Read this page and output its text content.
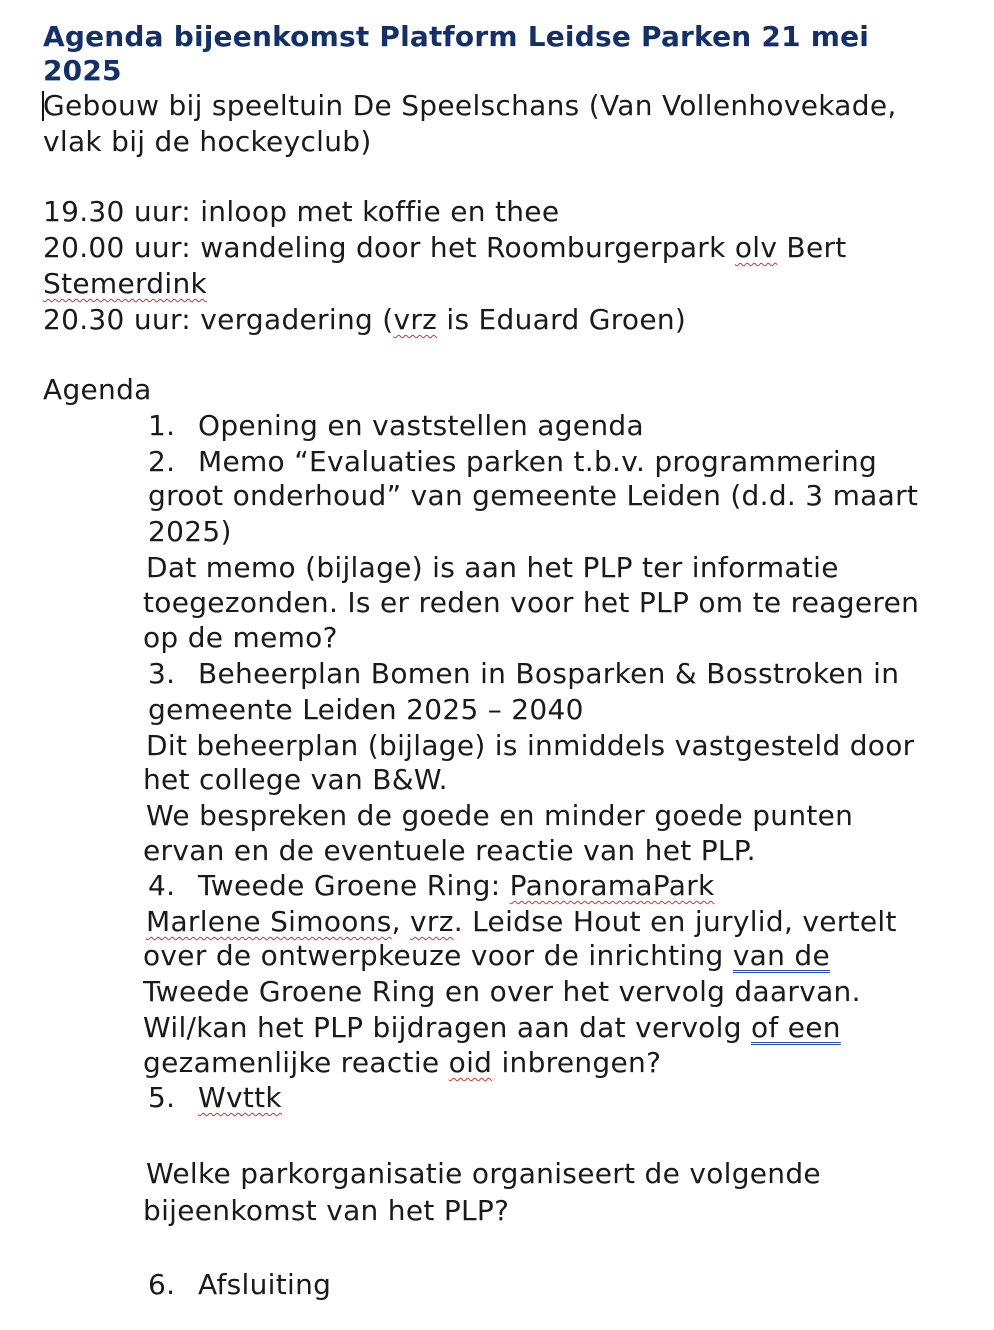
Agenda bijeenkomst Platform Leidse Parken 21 mei 2025
Gebouw bij speeltuin De Speelschans (Van Vollenhovekade,
vlak bij de hockeyclub)
19.30 uur: inloop met koffie en thee
20.00 uur: wandeling door het Roomburgerpark olv Bert
Stemerdink
20.30 uur: vergadering (vrz is Eduard Groen)
Agenda
1. Opening en vaststellen agenda
2. Memo “Evaluaties parken t.b.v. programmering
groot onderhoud” van gemeente Leiden (d.d. 3 maart
2025)
Dat memo (bijlage) is aan het PLP ter informatie
toegezonden. Is er reden voor het PLP om te reageren
op de memo?
3. Beheerplan Bomen in Bosparken & Bosstroken in
gemeente Leiden 2025 – 2040
Dit beheerplan (bijlage) is inmiddels vastgesteld door
het college van B&W.
We bespreken de goede en minder goede punten
ervan en de eventuele reactie van het PLP.
4. Tweede Groene Ring: PanoramaPark
Marlene Simoons, vrz. Leidse Hout en jurylid, vertelt
over de ontwerpkeuze voor de inrichting van de
Tweede Groene Ring en over het vervolg daarvan.
Wil/kan het PLP bijdragen aan dat vervolg of een
gezamenlijke reactie oid inbrengen?
5. Wvttk
Welke parkorganisatie organiseert de volgende
bijeenkomst van het PLP?
6. Afsluiting
